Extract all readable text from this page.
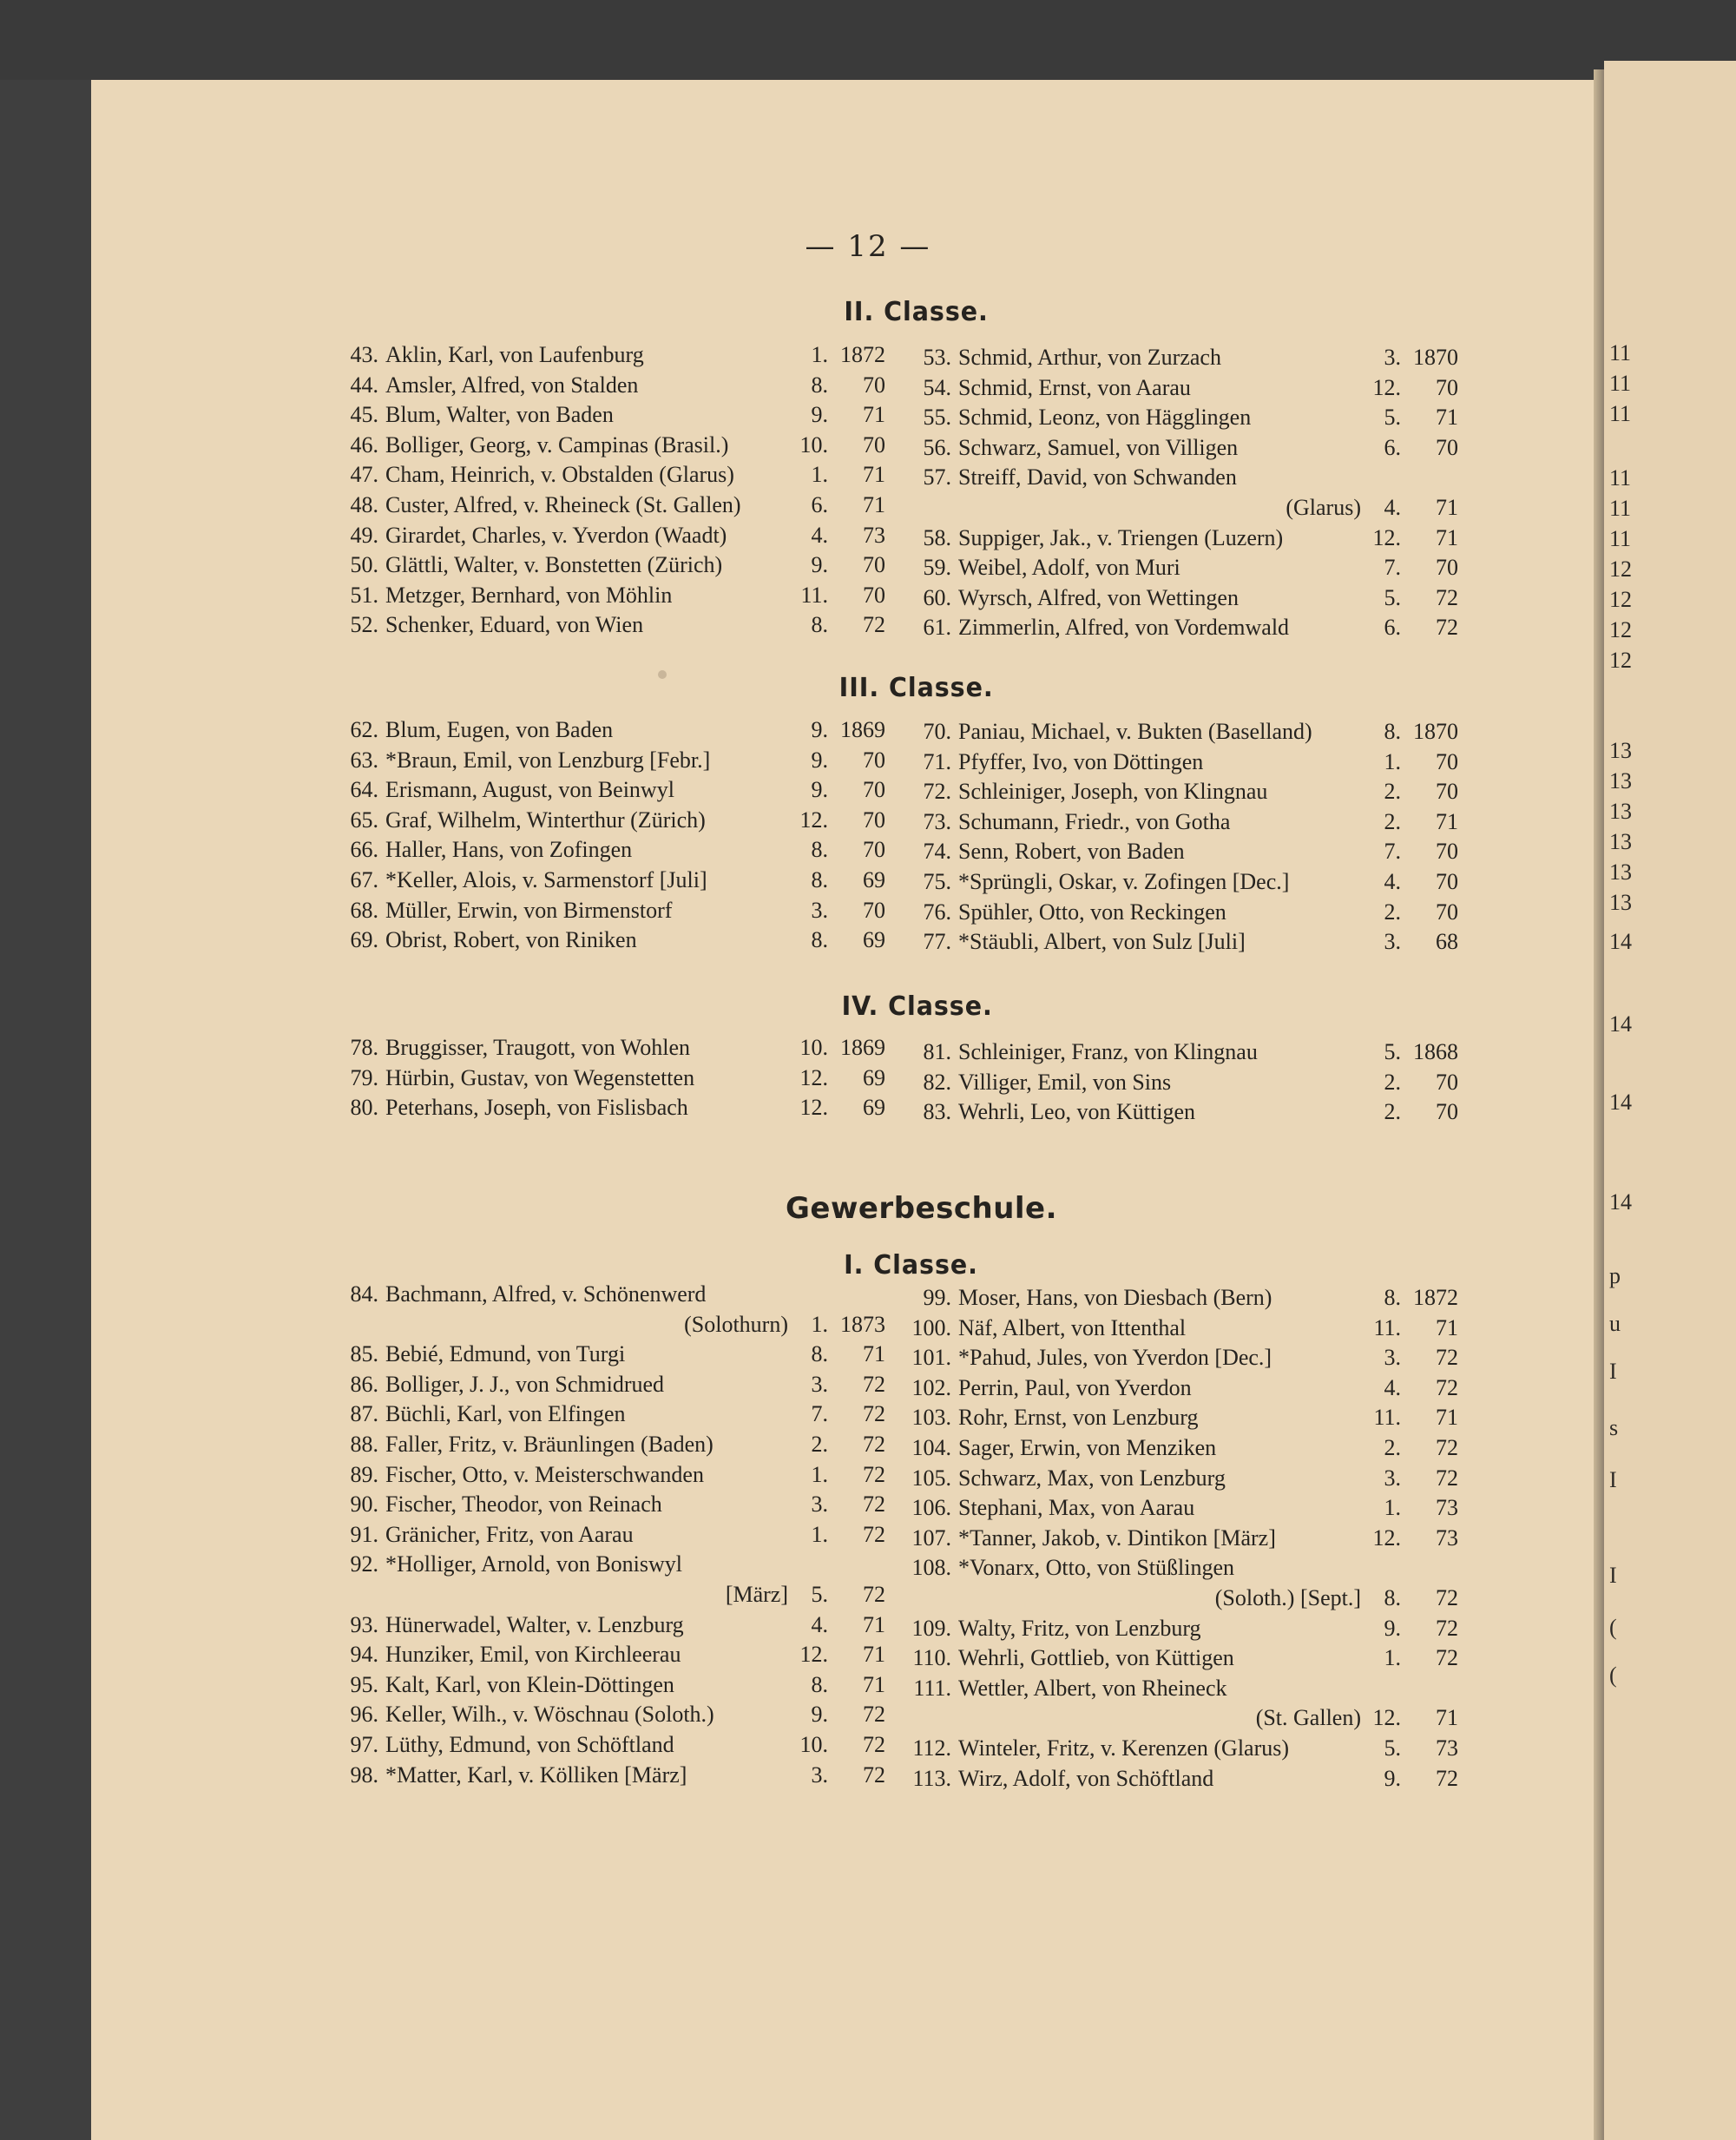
11
11
11
11
11
11
12
12
12
12
13
13
13
13
13
13
14
14
14
14
p
u
I
s
I
I
(
(
— 12 —
II. Classe.
43. Aklin, Karl, von Laufenburg	1. 1872
44. Amsler, Alfred, von Stalden	8.	70
45. Blum, Walter, von Baden	9.	71
46. Bolliger, Georg, v. Campinas (Brasil.)	10.	70
47. Cham, Heinrich, v. Obstalden (Glarus)	1.	71
48. Custer, Alfred, v. Rheineck (St. Gallen)	6.	71
49. Girardet, Charles, v. Yverdon (Waadt)	4.	73
50. Glättli, Walter, v. Bonstetten (Zürich)	9.	70
51. Metzger, Bernhard, von Möhlin	11.	70
52. Schenker, Eduard, von Wien	8.	72
53. Schmid, Arthur, von Zurzach	3. 1870
54. Schmid, Ernst, von Aarau	12.	70
55. Schmid, Leonz, von Hägglingen	5.	71
56. Schwarz, Samuel, von Villigen	6.	70
57. Streiff, David, von Schwanden
(Glarus)	4.	71
58. Suppiger, Jak., v. Triengen (Luzern)	12.	71
59. Weibel, Adolf, von Muri	7.	70
60. Wyrsch, Alfred, von Wettingen	5.	72
61. Zimmerlin, Alfred, von Vordemwald	6.	72
III. Classe.
62. Blum, Eugen, von Baden	9. 1869
63. *Braun, Emil, von Lenzburg [Febr.]	9.	70
64. Erismann, August, von Beinwyl	9.	70
65. Graf, Wilhelm, Winterthur (Zürich)	12.	70
66. Haller, Hans, von Zofingen	8.	70
67. *Keller, Alois, v. Sarmenstorf [Juli]	8.	69
68. Müller, Erwin, von Birmenstorf	3.	70
69. Obrist, Robert, von Riniken	8.	69
70. Paniau, Michael, v. Bukten (Baselland)	8. 1870
71. Pfyffer, Ivo, von Döttingen	1.	70
72. Schleiniger, Joseph, von Klingnau	2.	70
73. Schumann, Friedr., von Gotha	2.	71
74. Senn, Robert, von Baden	7.	70
75. *Sprüngli, Oskar, v. Zofingen [Dec.]	4.	70
76. Spühler, Otto, von Reckingen	2.	70
77. *Stäubli, Albert, von Sulz [Juli]	3.	68
IV. Classe.
78. Bruggisser, Traugott, von Wohlen	10. 1869
79. Hürbin, Gustav, von Wegenstetten	12.	69
80. Peterhans, Joseph, von Fislisbach	12.	69
81. Schleiniger, Franz, von Klingnau	5. 1868
82. Villiger, Emil, von Sins	2.	70
83. Wehrli, Leo, von Küttigen	2.	70
Gewerbeschule.
I. Classe.
84. Bachmann, Alfred, v. Schönenwerd
(Solothurn)	1. 1873
85. Bebié, Edmund, von Turgi	8.	71
86. Bolliger, J. J., von Schmidrued	3.	72
87. Büchli, Karl, von Elfingen	7.	72
88. Faller, Fritz, v. Bräunlingen (Baden)	2.	72
89. Fischer, Otto, v. Meisterschwanden	1.	72
90. Fischer, Theodor, von Reinach	3.	72
91. Gränicher, Fritz, von Aarau	1.	72
92. *Holliger, Arnold, von Boniswyl
[März]	5.	72
93. Hünerwadel, Walter, v. Lenzburg	4.	71
94. Hunziker, Emil, von Kirchleerau	12.	71
95. Kalt, Karl, von Klein-Döttingen	8.	71
96. Keller, Wilh., v. Wöschnau (Soloth.)	9.	72
97. Lüthy, Edmund, von Schöftland	10.	72
98. *Matter, Karl, v. Kölliken [März]	3.	72
99. Moser, Hans, von Diesbach (Bern)	8. 1872
100. Näf, Albert, von Ittenthal	11.	71
101. *Pahud, Jules, von Yverdon [Dec.]	3.	72
102. Perrin, Paul, von Yverdon	4.	72
103. Rohr, Ernst, von Lenzburg	11.	71
104. Sager, Erwin, von Menziken	2.	72
105. Schwarz, Max, von Lenzburg	3.	72
106. Stephani, Max, von Aarau	1.	73
107. *Tanner, Jakob, v. Dintikon [März]	12.	73
108. *Vonarx, Otto, von Stüßlingen
(Soloth.) [Sept.]	8.	72
109. Walty, Fritz, von Lenzburg	9.	72
110. Wehrli, Gottlieb, von Küttigen	1.	72
111. Wettler, Albert, von Rheineck
(St. Gallen) 12.	71
112. Winteler, Fritz, v. Kerenzen (Glarus)	5.	73
113. Wirz, Adolf, von Schöftland	9.	72
